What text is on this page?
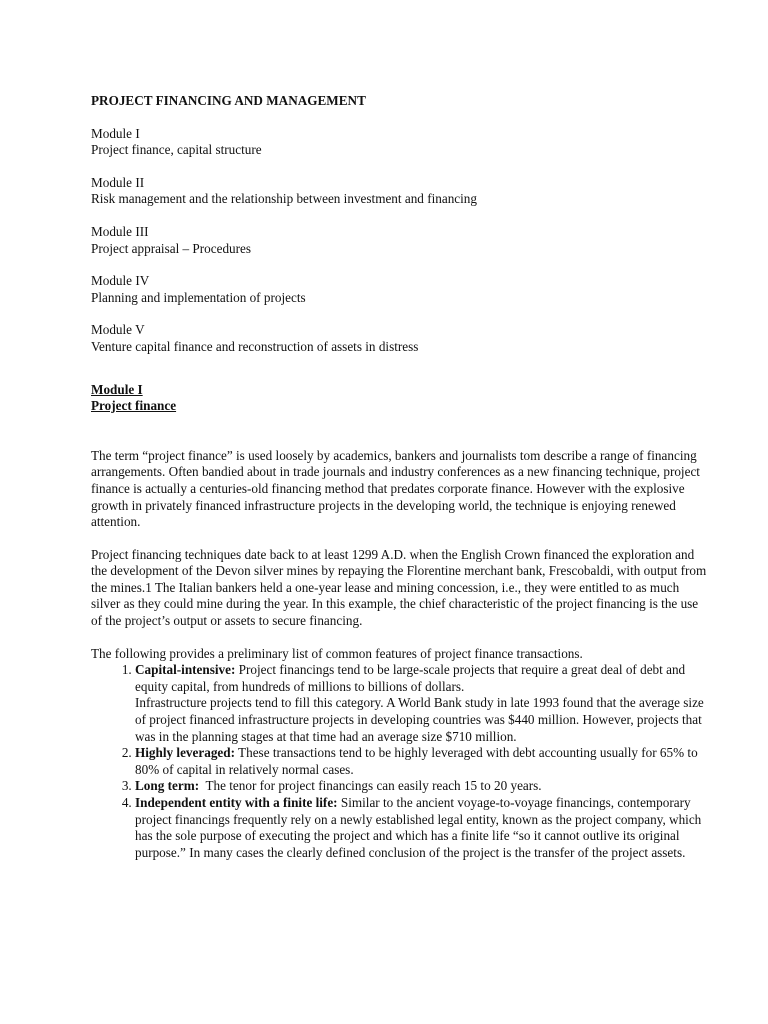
PROJECT FINANCING AND MANAGEMENT

Module I

Project finance, capital structure

Module II

Risk management and the relationship between investment and financing

Module III

Project appraisal – Procedures

Module IV

Planning and implementation of projects

Module V

Venture capital finance and reconstruction of assets in distress

Module I

Project finance

The term “project finance” is used loosely by academics, bankers and journalists tom describe a range of financing arrangements. Often bandied about in trade journals and industry conferences as a new financing technique, project finance is actually a centuries-old financing method that predates corporate finance. However with the explosive growth in privately financed infrastructure projects in the developing world, the technique is enjoying renewed attention.

Project financing techniques date back to at least 1299 A.D. when the English Crown financed the exploration and the development of the Devon silver mines by repaying the Florentine merchant bank, Frescobaldi, with output from the mines.1 The Italian bankers held a one-year lease and mining concession, i.e., they were entitled to as much silver as they could mine during the year. In this example, the chief characteristic of the project financing is the use of the project’s output or assets to secure financing.

The following provides a preliminary list of common features of project finance transactions.

1. Capital-intensive: Project financings tend to be large-scale projects that require a great deal of debt and equity capital, from hundreds of millions to billions of dollars.
Infrastructure projects tend to fill this category. A World Bank study in late 1993 found that the average size of project financed infrastructure projects in developing countries was $440 million. However, projects that was in the planning stages at that time had an average size $710 million.
2. Highly leveraged: These transactions tend to be highly leveraged with debt accounting usually for 65% to 80% of capital in relatively normal cases.
3. Long term:  The tenor for project financings can easily reach 15 to 20 years.
4. Independent entity with a finite life: Similar to the ancient voyage-to-voyage financings, contemporary project financings frequently rely on a newly established legal entity, known as the project company, which has the sole purpose of executing the project and which has a finite life “so it cannot outlive its original purpose.” In many cases the clearly defined conclusion of the project is the transfer of the project assets.
